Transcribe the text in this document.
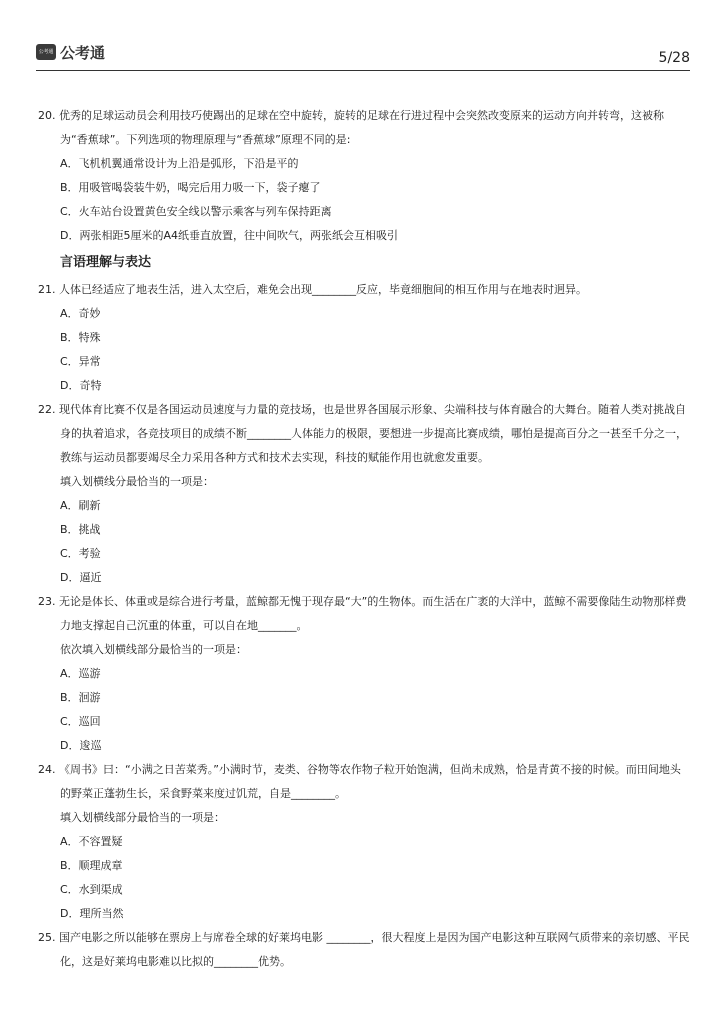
公考通 公考通	5/28

20. 优秀的足球运动员会利用技巧使踢出的足球在空中旋转，旋转的足球在行进过程中会突然改变原来的运动方向并转弯，这被称为“香蕉球”。下列选项的物理原理与“香蕉球”原理不同的是:

A．飞机机翼通常设计为上沿是弧形，下沿是平的

B．用吸管喝袋装牛奶，喝完后用力吸一下，袋子瘪了

C．火车站台设置黄色安全线以警示乘客与列车保持距离

D．两张相距5厘米的A4纸垂直放置，往中间吹气，两张纸会互相吸引

言语理解与表达

21. 人体已经适应了地表生活，进入太空后，难免会出现________反应，毕竟细胞间的相互作用与在地表时迥异。

A．奇妙

B．特殊

C．异常

D．奇特

22. 现代体育比赛不仅是各国运动员速度与力量的竞技场，也是世界各国展示形象、尖端科技与体育融合的大舞台。随着人类对挑战自身的执着追求，各竞技项目的成绩不断________人体能力的极限，要想进一步提高比赛成绩，哪怕是提高百分之一甚至千分之一，教练与运动员都要竭尽全力采用各种方式和技术去实现，科技的赋能作用也就愈发重要。

填入划横线分最恰当的一项是：

A．刷新

B．挑战

C．考验

D．逼近

23. 无论是体长、体重或是综合进行考量，蓝鲸都无愧于现存最“大”的生物体。而生活在广袤的大洋中，蓝鲸不需要像陆生动物那样费力地支撑起自己沉重的体重，可以自在地_______。

依次填入划横线部分最恰当的一项是：

A．巡游

B．洄游

C．巡回

D．逡巡

24. 《周书》曰：“小满之日苦菜秀。”小满时节，麦类、谷物等农作物子粒开始饱满，但尚未成熟，恰是青黄不接的时候。而田间地头的野菜正蓬勃生长，采食野菜来度过饥荒，自是________。

填入划横线部分最恰当的一项是：

A．不容置疑

B．顺理成章

C．水到渠成

D．理所当然

25. 国产电影之所以能够在票房上与席卷全球的好莱坞电影 ________，很大程度上是因为国产电影这种互联网气质带来的亲切感、平民化，这是好莱坞电影难以比拟的________优势。
